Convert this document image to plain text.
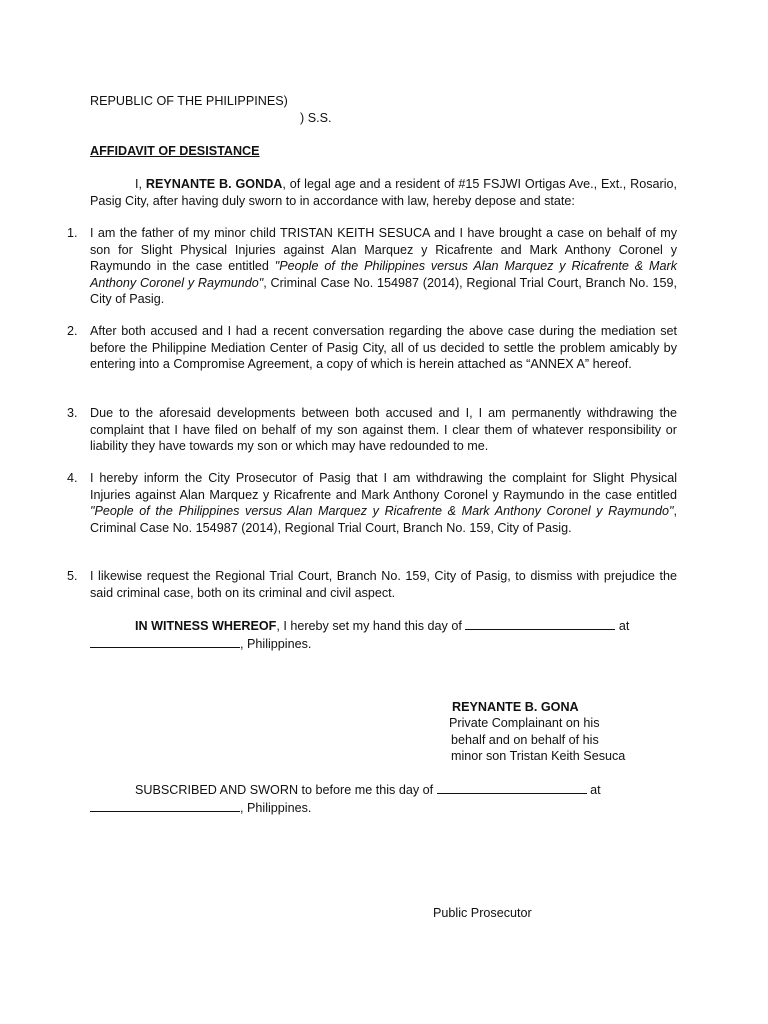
REPUBLIC OF THE PHILIPPINES)
) S.S.
AFFIDAVIT OF DESISTANCE
I, REYNANTE B. GONDA, of legal age and a resident of #15 FSJWI Ortigas Ave., Ext., Rosario, Pasig City, after having duly sworn to in accordance with law, hereby depose and state:
1. I am the father of my minor child TRISTAN KEITH SESUCA and I have brought a case on behalf of my son for Slight Physical Injuries against Alan Marquez y Ricafrente and Mark Anthony Coronel y Raymundo in the case entitled "People of the Philippines versus Alan Marquez y Ricafrente & Mark Anthony Coronel y Raymundo", Criminal Case No. 154987 (2014), Regional Trial Court, Branch No. 159, City of Pasig.
2. After both accused and I had a recent conversation regarding the above case during the mediation set before the Philippine Mediation Center of Pasig City, all of us decided to settle the problem amicably by entering into a Compromise Agreement, a copy of which is herein attached as “ANNEX A” hereof.
3. Due to the aforesaid developments between both accused and I, I am permanently withdrawing the complaint that I have filed on behalf of my son against them. I clear them of whatever responsibility or liability they have towards my son or which may have redounded to me.
4. I hereby inform the City Prosecutor of Pasig that I am withdrawing the complaint for Slight Physical Injuries against Alan Marquez y Ricafrente and Mark Anthony Coronel y Raymundo in the case entitled "People of the Philippines versus Alan Marquez y Ricafrente & Mark Anthony Coronel y Raymundo", Criminal Case No. 154987 (2014), Regional Trial Court, Branch No. 159, City of Pasig.
5. I likewise request the Regional Trial Court, Branch No. 159, City of Pasig, to dismiss with prejudice the said criminal case, both on its criminal and civil aspect.
IN WITNESS WHEREOF, I hereby set my hand this day of	at
, Philippines.
REYNANTE B. GONA
Private Complainant on his
behalf and on behalf of his
minor son Tristan Keith Sesuca
SUBSCRIBED AND SWORN to before me this day of	at
, Philippines.
Public Prosecutor
